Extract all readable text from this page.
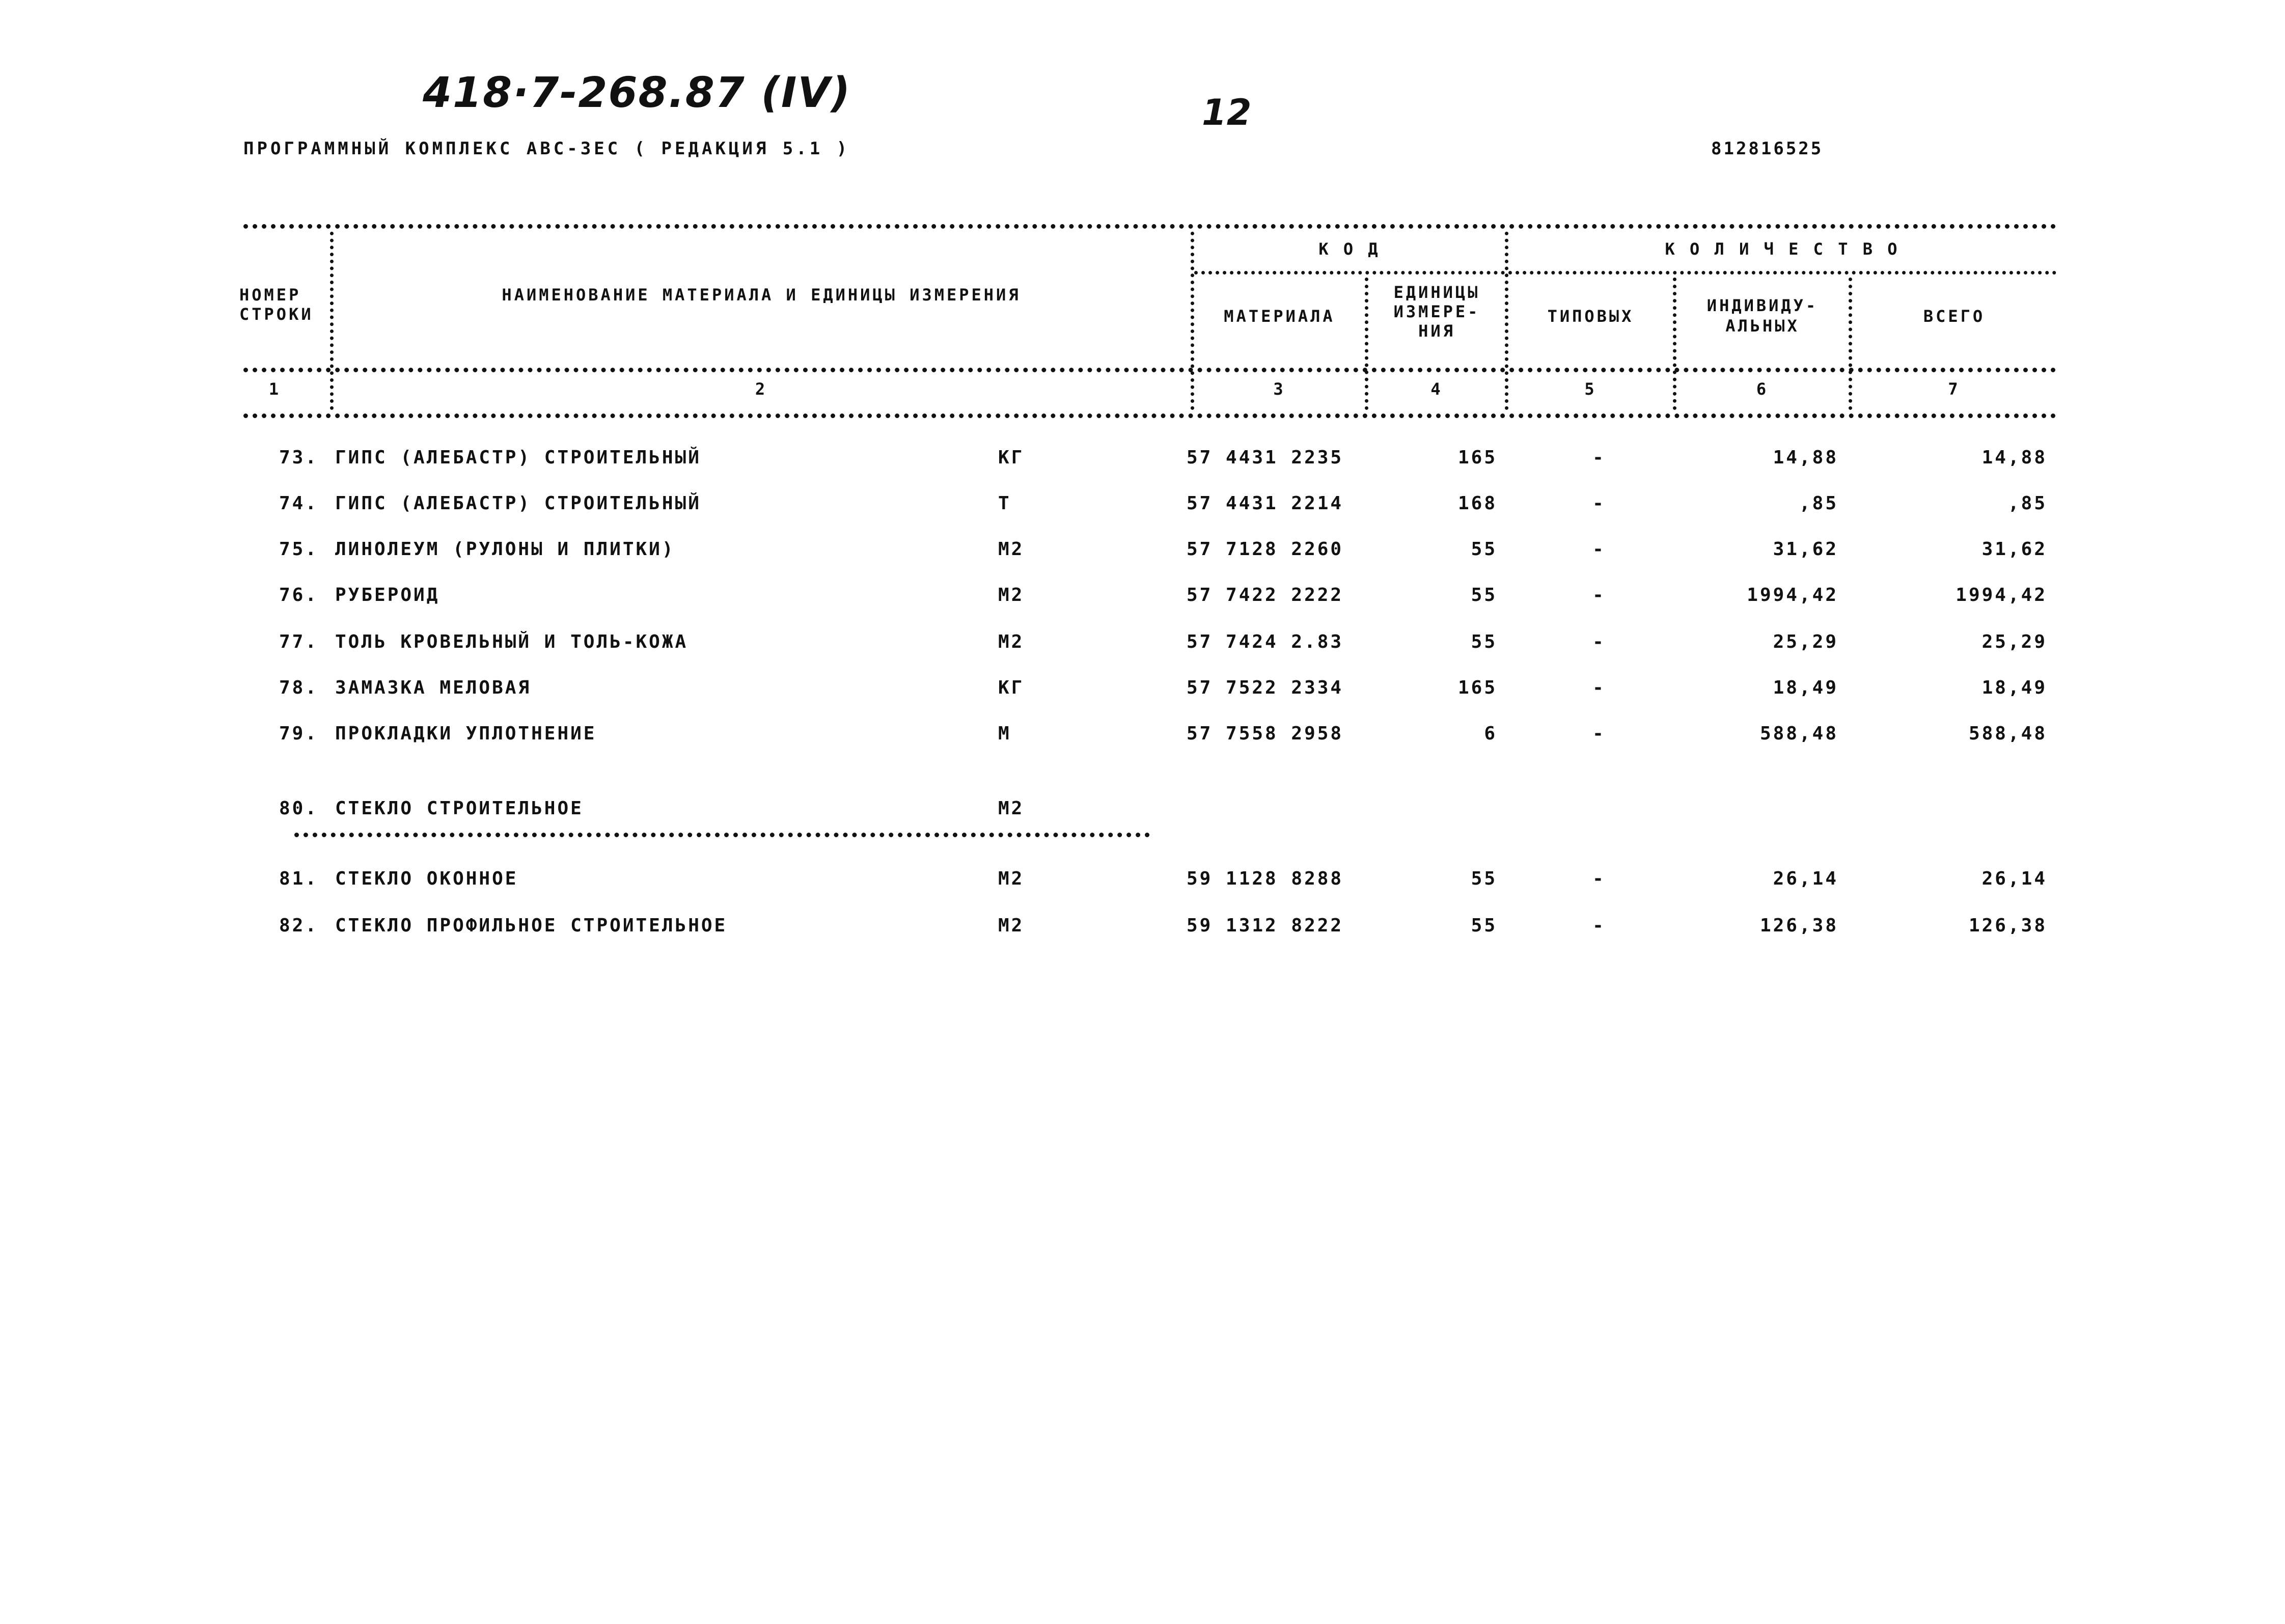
418·7-268.87 (IV)	12
ПРОГРАММНЫЙ КОМПЛЕКС АВС-ЗЕС ( РЕДАКЦИЯ 5.1 )	812816525
НОМЕР
СТРОКИ
НАИМЕНОВАНИЕ МАТЕРИАЛА И ЕДИНИЦЫ ИЗМЕРЕНИЯ
К О Д
МАТЕРИАЛА
ЕДИНИЦЫ
ИЗМЕРЕ-
НИЯ
К О Л И Ч Е С Т В О
ТИПОВЫХ
ИНДИВИДУ-
АЛЬНЫХ	ВСЕГО
1	2	3	4	5	6	7
73. ГИПС (АЛЕБАСТР) СТРОИТЕЛЬНЫЙ	КГ	57 4431 2235	165	-	14,88	14,88
74. ГИПС (АЛЕБАСТР) СТРОИТЕЛЬНЫЙ	Т	57 4431 2214	168	-	,85	,85
75. ЛИНОЛЕУМ (РУЛОНЫ И ПЛИТКИ)	М2	57 7128 2260	55	-	31,62	31,62
76. РУБЕРОИД	М2	57 7422 2222	55	-	1994,42	1994,42
77. ТОЛЬ КРОВЕЛЬНЫЙ И ТОЛЬ-КОЖА	М2	57 7424 2.83	55	-	25,29	25,29
78. ЗАМАЗКА МЕЛОВАЯ	КГ	57 7522 2334	165	-	18,49	18,49
79. ПРОКЛАДКИ УПЛОТНЕНИЕ	М	57 7558 2958	6	-	588,48	588,48
80. СТЕКЛО СТРОИТЕЛЬНОЕ	М2
81. СТЕКЛО ОКОННОЕ	М2	59 1128 8288	55	-	26,14	26,14
82. СТЕКЛО ПРОФИЛЬНОЕ СТРОИТЕЛЬНОЕ	М2	59 1312 8222	55	-	126,38	126,38
